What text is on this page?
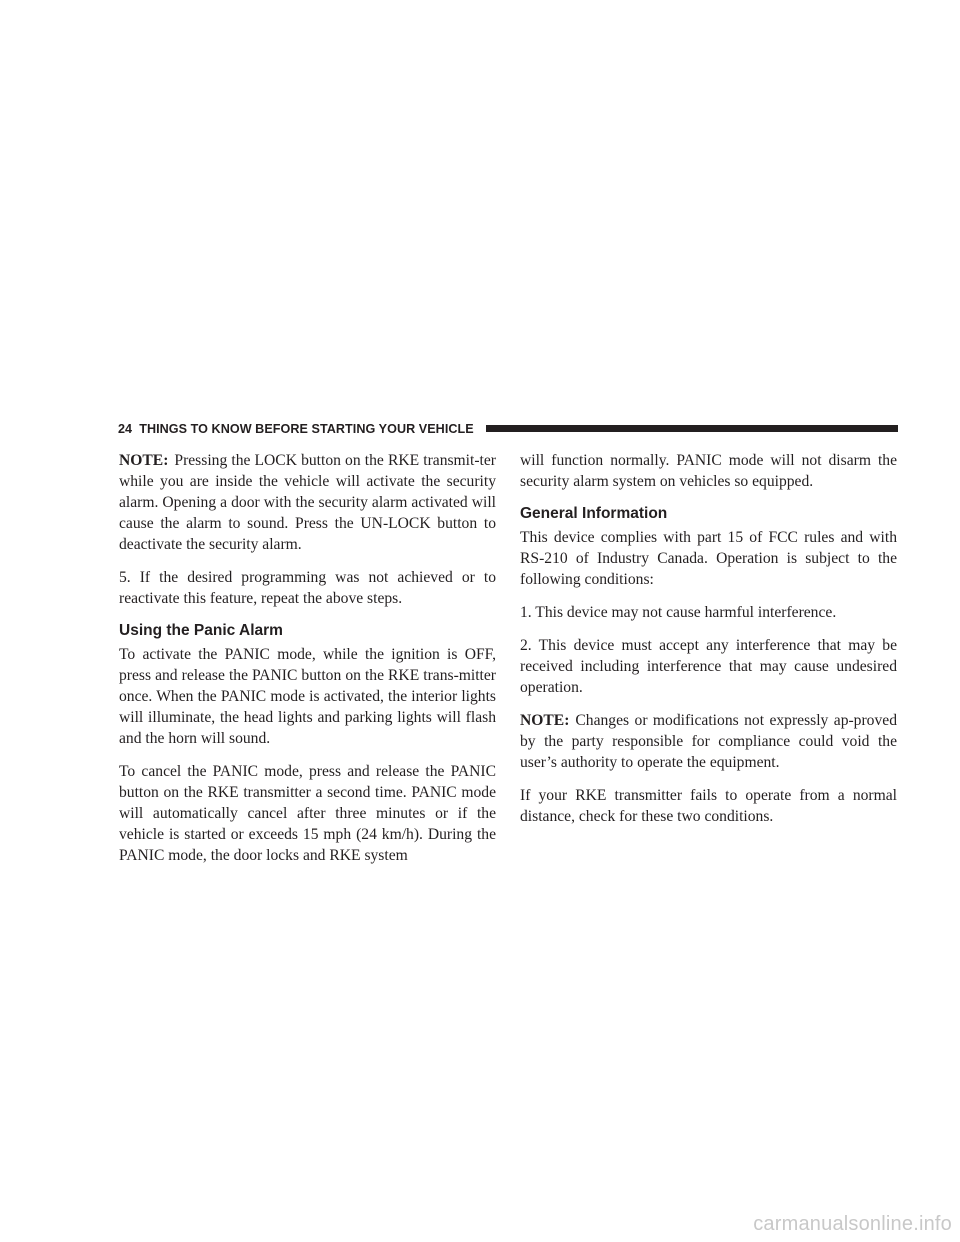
24 THINGS TO KNOW BEFORE STARTING YOUR VEHICLE

NOTE: Pressing the LOCK button on the RKE transmit-ter while you are inside the vehicle will activate the security alarm. Opening a door with the security alarm activated will cause the alarm to sound. Press the UN-LOCK button to deactivate the security alarm.

5. If the desired programming was not achieved or to reactivate this feature, repeat the above steps.

Using the Panic Alarm

To activate the PANIC mode, while the ignition is OFF, press and release the PANIC button on the RKE trans-mitter once. When the PANIC mode is activated, the interior lights will illuminate, the head lights and parking lights will flash and the horn will sound.

To cancel the PANIC mode, press and release the PANIC button on the RKE transmitter a second time. PANIC mode will automatically cancel after three minutes or if the vehicle is started or exceeds 15 mph (24 km/h). During the PANIC mode, the door locks and RKE system

will function normally. PANIC mode will not disarm the security alarm system on vehicles so equipped.

General Information

This device complies with part 15 of FCC rules and with RS-210 of Industry Canada. Operation is subject to the following conditions:

1. This device may not cause harmful interference.

2. This device must accept any interference that may be received including interference that may cause undesired operation.

NOTE: Changes or modifications not expressly ap-proved by the party responsible for compliance could void the user’s authority to operate the equipment.

If your RKE transmitter fails to operate from a normal distance, check for these two conditions.

carmanualsonline.info
